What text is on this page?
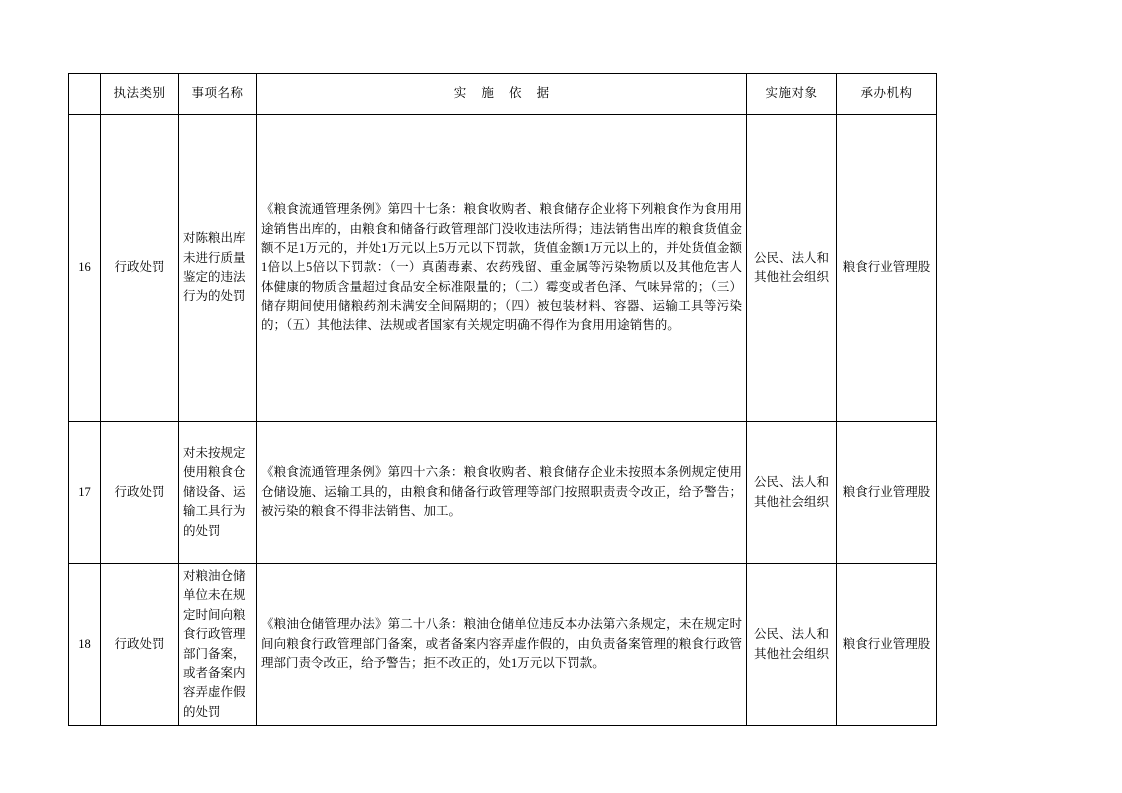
	执法类别	事项名称	实 施 依 据	实施对象	承办机构
16	行政处罚	对陈粮出库未进行质量鉴定的违法行为的处罚	《粮食流通管理条例》第四十七条：粮食收购者、粮食储存企业将下列粮食作为食用用途销售出库的，由粮食和储备行政管理部门没收违法所得；违法销售出库的粮食货值金额不足1万元的，并处1万元以上5万元以下罚款，货值金额1万元以上的，并处货值金额1倍以上5倍以下罚款：（一）真菌毒素、农药残留、重金属等污染物质以及其他危害人体健康的物质含量超过食品安全标准限量的；（二）霉变或者色泽、气味异常的；（三）储存期间使用储粮药剂未满安全间隔期的；（四）被包装材料、容器、运输工具等污染的；（五）其他法律、法规或者国家有关规定明确不得作为食用用途销售的。	公民、法人和其他社会组织	粮食行业管理股
17	行政处罚	对未按规定使用粮食仓储设备、运输工具行为的处罚	《粮食流通管理条例》第四十六条：粮食收购者、粮食储存企业未按照本条例规定使用仓储设施、运输工具的，由粮食和储备行政管理等部门按照职责责令改正，给予警告；被污染的粮食不得非法销售、加工。	公民、法人和其他社会组织	粮食行业管理股
18	行政处罚	对粮油仓储单位未在规定时间向粮食行政管理部门备案，或者备案内容弄虚作假的处罚	《粮油仓储管理办法》第二十八条：粮油仓储单位违反本办法第六条规定，未在规定时间向粮食行政管理部门备案，或者备案内容弄虚作假的，由负责备案管理的粮食行政管理部门责令改正，给予警告；拒不改正的，处1万元以下罚款。	公民、法人和其他社会组织	粮食行业管理股
